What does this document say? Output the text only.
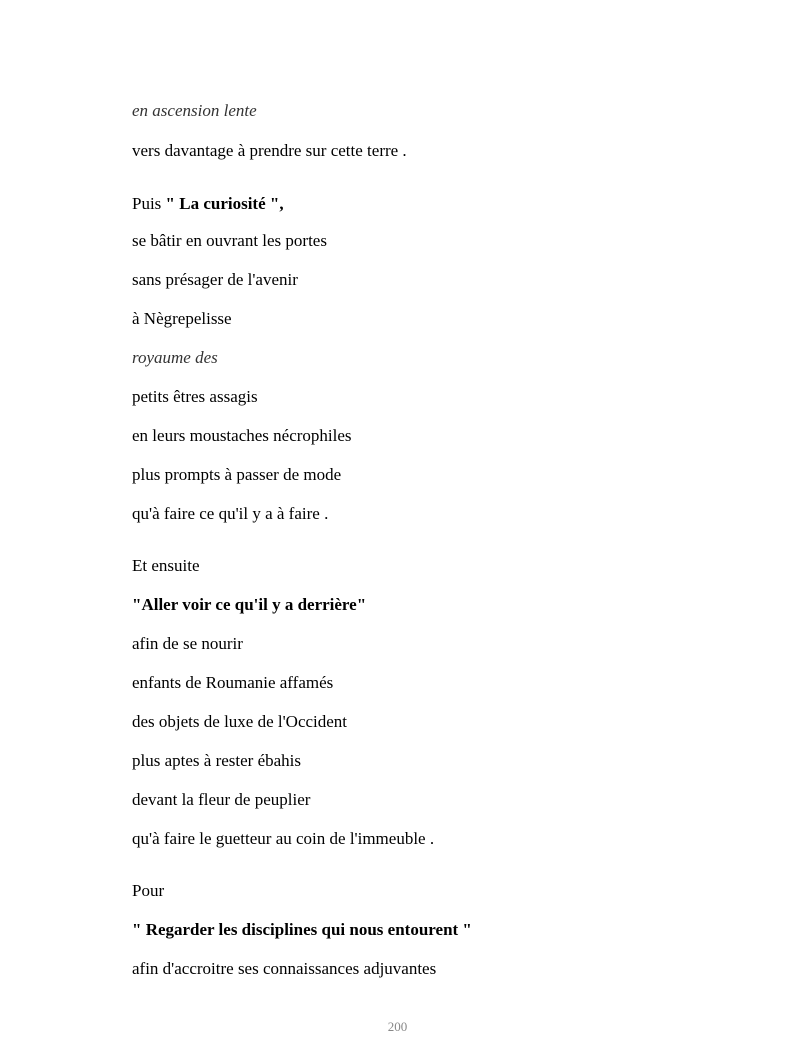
en ascension lente
vers davantage à prendre sur cette terre .
Puis " La curiosité ",
se bâtir en ouvrant les portes
sans présager de l'avenir
à Nègrepelisse
royaume des
petits êtres assagis
en leurs moustaches nécrophiles
plus prompts à passer de mode
qu'à faire ce qu'il y a à faire .
Et ensuite
"Aller voir ce qu'il y a derrière"
afin de se nourir
enfants de Roumanie affamés
des objets de luxe de l'Occident
plus aptes à rester ébahis
devant la fleur de peuplier
qu'à faire le guetteur au coin de l'immeuble .
Pour
" Regarder les disciplines qui nous entourent "
afin d'accroitre ses connaissances adjuvantes
200
